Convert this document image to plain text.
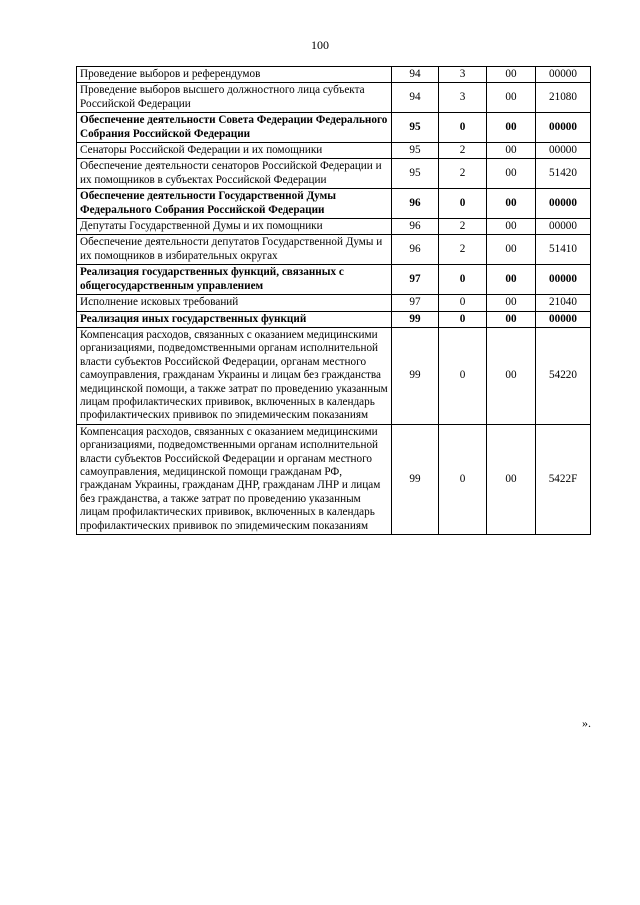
100
Проведение выборов и референдумов	94	3	00	00000
Проведение выборов высшего должностного лица субъекта Российской Федерации	94	3	00	21080
Обеспечение деятельности Совета Федерации Федерального Собрания Российской Федерации	95	0	00	00000
Сенаторы Российской Федерации и их помощники	95	2	00	00000
Обеспечение деятельности сенаторов Российской Федерации и их помощников в субъектах Российской Федерации	95	2	00	51420
Обеспечение деятельности Государственной Думы Федерального Собрания Российской Федерации	96	0	00	00000
Депутаты Государственной Думы и их помощники	96	2	00	00000
Обеспечение деятельности депутатов Государственной Думы и их помощников в избирательных округах	96	2	00	51410
Реализация государственных функций, связанных с общегосударственным управлением	97	0	00	00000
Исполнение исковых требований	97	0	00	21040
Реализация иных государственных функций	99	0	00	00000
Компенсация расходов, связанных с оказанием медицинскими организациями, подведомственными органам исполнительной власти субъектов Российской Федерации, органам местного самоуправления, гражданам Украины и лицам без гражданства медицинской помощи, а также затрат по проведению указанным лицам профилактических прививок, включенных в календарь профилактических прививок по эпидемическим показаниям	99	0	00	54220
Компенсация расходов, связанных с оказанием медицинскими организациями, подведомственными органам исполнительной власти субъектов Российской Федерации и органам местного самоуправления, медицинской помощи гражданам РФ, гражданам Украины, гражданам ДНР, гражданам ЛНР и лицам без гражданства, а также затрат по проведению указанным лицам профилактических прививок, включенных в календарь профилактических прививок по эпидемическим показаниям	99	0	00	5422F
».
